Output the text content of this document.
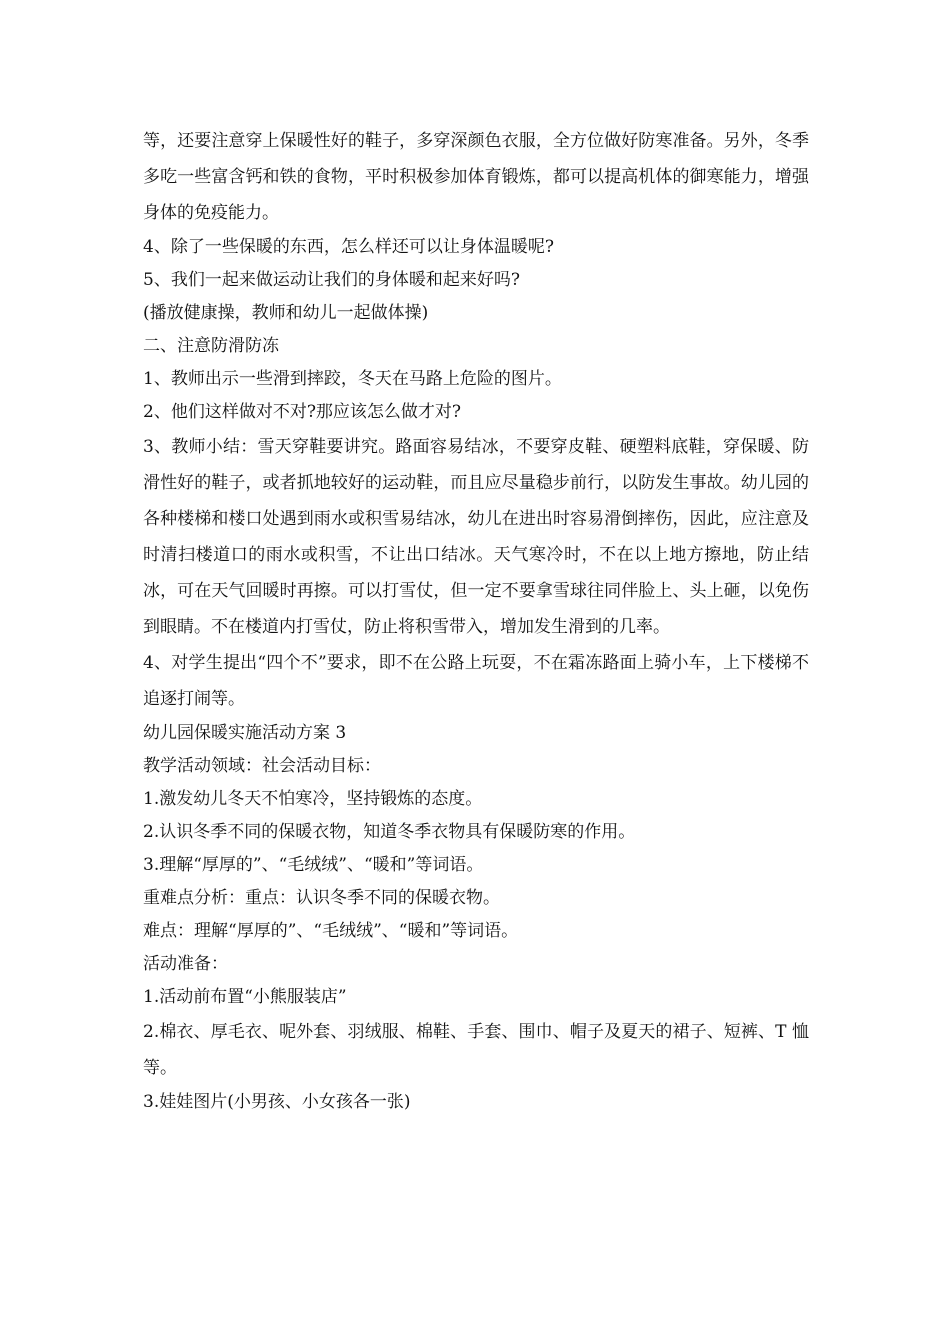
等，还要注意穿上保暖性好的鞋子，多穿深颜色衣服，全方位做好防寒准备。另外，冬季多吃一些富含钙和铁的食物，平时积极参加体育锻炼，都可以提高机体的御寒能力，增强身体的免疫能力。

4、除了一些保暖的东西，怎么样还可以让身体温暖呢?

5、我们一起来做运动让我们的身体暖和起来好吗?

(播放健康操，教师和幼儿一起做体操)

二、注意防滑防冻

1、教师出示一些滑到摔跤，冬天在马路上危险的图片。

2、他们这样做对不对?那应该怎么做才对?

3、教师小结：雪天穿鞋要讲究。路面容易结冰，不要穿皮鞋、硬塑料底鞋，穿保暖、防滑性好的鞋子，或者抓地较好的运动鞋，而且应尽量稳步前行，以防发生事故。幼儿园的各种楼梯和楼口处遇到雨水或积雪易结冰，幼儿在进出时容易滑倒摔伤，因此，应注意及时清扫楼道口的雨水或积雪，不让出口结冰。天气寒冷时，不在以上地方擦地，防止结冰，可在天气回暖时再擦。可以打雪仗，但一定不要拿雪球往同伴脸上、头上砸，以免伤到眼睛。不在楼道内打雪仗，防止将积雪带入，增加发生滑到的几率。

4、对学生提出“四个不”要求，即不在公路上玩耍，不在霜冻路面上骑小车，上下楼梯不追逐打闹等。

幼儿园保暖实施活动方案 3

教学活动领域：社会活动目标：

1.激发幼儿冬天不怕寒冷，坚持锻炼的态度。

2.认识冬季不同的保暖衣物，知道冬季衣物具有保暖防寒的作用。

3.理解“厚厚的”、“毛绒绒”、“暖和”等词语。

重难点分析：重点：认识冬季不同的保暖衣物。

难点：理解“厚厚的”、“毛绒绒”、“暖和”等词语。

活动准备：

1.活动前布置“小熊服装店”

2.棉衣、厚毛衣、呢外套、羽绒服、棉鞋、手套、围巾、帽子及夏天的裙子、短裤、T 恤等。

3.娃娃图片(小男孩、小女孩各一张)
